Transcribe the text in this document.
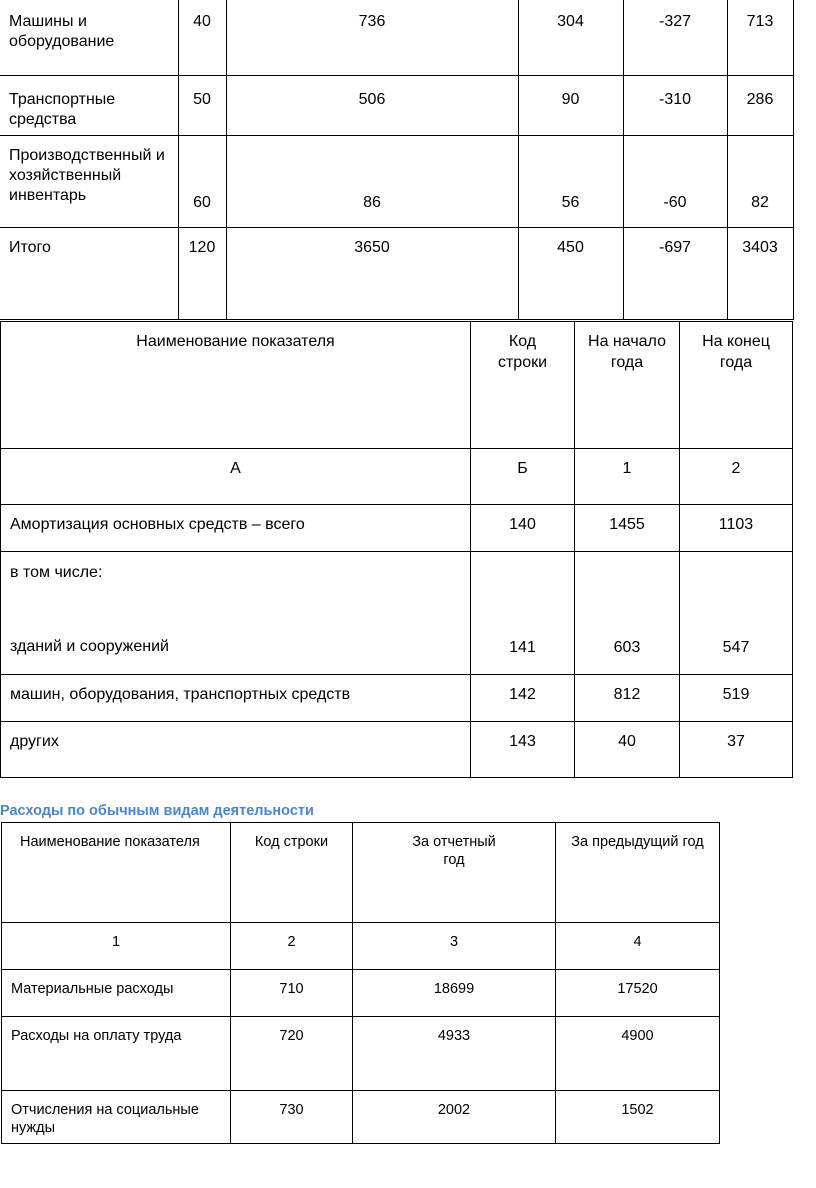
Машины и оборудование	40	736	304	-327	713
Транспортные средства	50	506	90	-310	286
Производственный и хозяйственный инвентарь	60	86	56	-60	82
Итого	120	3650	450	-697	3403
Наименование показателя	Код строки	На начало года	На конец года
А	Б	1	2
Амортизация основных средств – всего	140	1455	1103

в том числе:
зданий и сооружений	141	603	547
машин, оборудования, транспортных средств	142	812	519
других	143	40	37
Расходы по обычным видам деятельности
Наименование показателя	Код строки	За отчетный год	За предыдущий год
1	2	3	4
Материальные расходы	710	18699	17520
Расходы на оплату труда	720	4933	4900
Отчисления на социальные нужды	730	2002	1502
